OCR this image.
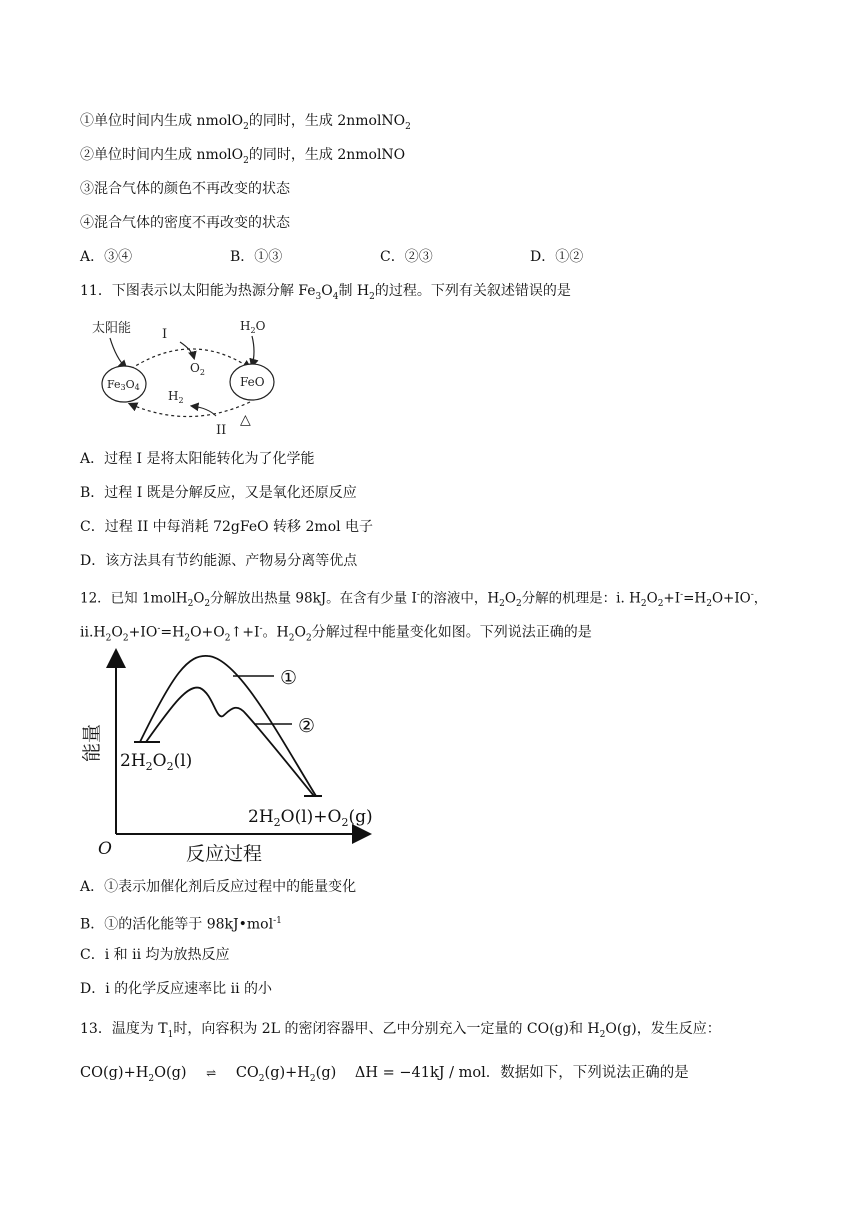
①单位时间内生成 nmolO$_2$的同时，生成 2nmolNO$_2$
②单位时间内生成 nmolO$_2$的同时，生成 2nmolNO
③混合气体的颜色不再改变的状态
④混合气体的密度不再改变的状态
A．③④	B．①③	C．②③	D．①②
11．下图表示以太阳能为热源分解 $Fe_3O_4$制 $H_2$的过程。下列有关叙述错误的是
太阳能	$H_2O$
I
$O_2$
Fe3O4	FeO
$H_2$
II
△
A．过程 I 是将太阳能转化为了化学能
B．过程 I 既是分解反应，又是氧化还原反应
C．过程 II 中每消耗 72gFeO 转移 2mol 电子
D．该方法具有节约能源、产物易分离等优点
12．已知 $1molH_2O_2$分解放出热量 98kJ。在含有少量 I-的溶液中，$H_2O_2$分解的机理是：i. $H_2O_2+I^-=H_2O+IO^-$，
$ii.H_2O_2+IO^-=H_2O+O_2↑+I^-$。$H_2O_2$分解过程中能量变化如图。下列说法正确的是
O	反应过程
能量
①
②
$2H_2O_2(l)$
$2H_2O(l)+O_2(g)$
A．①表示加催化剂后反应过程中的能量变化
B．①的活化能等于 98kJ•mol$^{-1}$
C．i 和 ii 均为放热反应
D．i 的化学反应速率比 ii 的小
13．温度为 $T_1$时，向容积为 2L 的密闭容器甲、乙中分别充入一定量的 CO(g)和 $H_2O(g)$，发生反应：
$CO(g)+H_2O(g)$ ⇌ $CO_2(g)+H_2(g) \Delta H = -41kJ$ / mol．数据如下，下列说法正确的是
